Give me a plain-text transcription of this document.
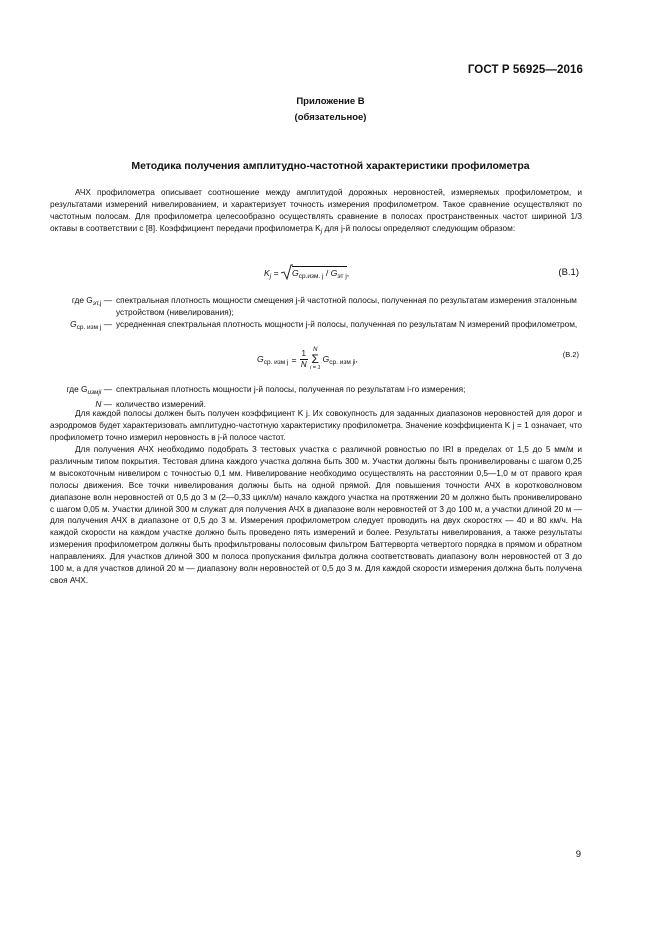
ГОСТ Р 56925—2016
Приложение В
(обязательное)
Методика получения амплитудно-частотной характеристики профилометра
АЧХ профилометра описывает соотношение между амплитудой дорожных неровностей, измеряемых профилометром, и результатами измерений нивелированием, и характеризует точность измерения профилометром. Такое сравнение осуществляют по частотным полосам. Для профилометра целесообразно осуществлять сравнение в полосах пространственных частот шириной 1/3 октавы в соответствии с [8]. Коэффициент передачи профилометра $K_j$ для j-й полосы определяют следующим образом:
$K_j = G_{ср.изм. j} / G_{эт j}$,	(В.1)
где $G_{эт,j}$ — спектральная плотность мощности смещения j-й частотной полосы, полученная по результатам измерения эталонным устройством (нивелирования);
$G_{ср. изм j}$ — усредненная спектральная плотность мощности j-й полосы, полученная по результатам N измерений профилометром,
$G_{ср. изм j} = \frac{1}{N}$ N
Σ
i = 1
$G_{ср. изм ji}$,	(В.2)
где $G_{измji}$ — спектральная плотность мощности j-й полосы, полученная по результатам i-го измерения;
N — количество измерений.
Для каждой полосы должен быть получен коэффициент K j. Их совокупность для заданных диапазонов неровностей для дорог и аэродромов будет характеризовать амплитудно-частотную характеристику профилометра. Значение коэффициента K j = 1 означает, что профилометр точно измерил неровность в j-й полосе частот.
Для получения АЧХ необходимо подобрать 3 тестовых участка с различной ровностью по IRI в пределах от 1,5 до 5 мм/м и различным типом покрытия. Тестовая длина каждого участка должна быть 300 м. Участки должны быть пронивелированы с шагом 0,25 м высокоточным нивелиром с точностью 0,1 мм. Нивелирование необходимо осуществлять на расстоянии 0,5—1,0 м от правого края полосы движения. Все точки нивелирования должны быть на одной прямой. Для повышения точности АЧХ в коротковолновом диапазоне волн неровностей от 0,5 до 3 м (2—0,33 цикл/м) начало каждого участка на протяжении 20 м должно быть пронивелировано с шагом 0,05 м. Участки длиной 300 м служат для получения АЧХ в диапазоне волн неровностей от 3 до 100 м, а участки длиной 20 м — для получения АЧХ в диапазоне от 0,5 до 3 м. Измерения профилометром следует проводить на двух скоростях — 40 и 80 км/ч. На каждой скорости на каждом участке должно быть проведено пять измерений и более. Результаты нивелирования, а также результаты измерения профилометром должны быть профильтрованы полосовым фильтром Баттерворта четвертого порядка в прямом и обратном направлениях. Для участков длиной 300 м полоса пропускания фильтра должна соответствовать диапазону волн неровностей от 3 до 100 м, а для участков длиной 20 м — диапазону волн неровностей от 0,5 до 3 м. Для каждой скорости измерения должна быть получена своя АЧХ.
9
